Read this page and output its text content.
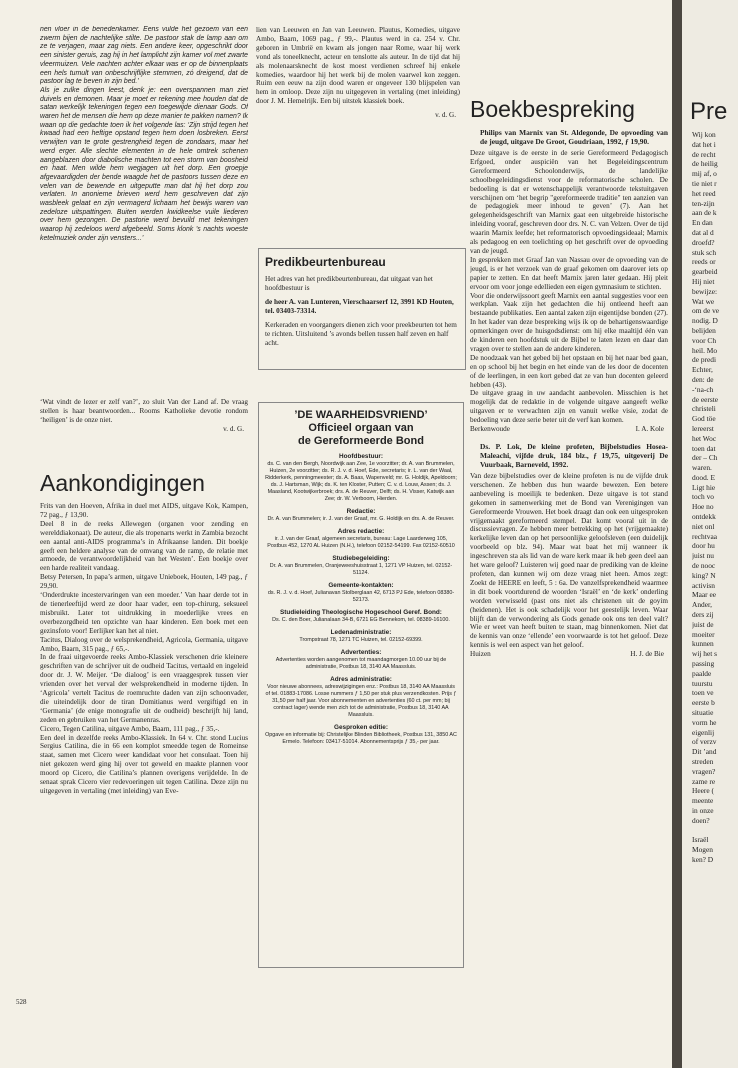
nen vloer in de benedenkamer. Eens vulde het gezoem van een zwerm bijen de nachtelijke stilte. De pastoor stak de lamp aan om ze te verjagen, maar zag niets. Een andere keer, opgeschrikt door een sinister geruis, zag hij in het lamplicht zijn kamer vol met zwarte vleermuizen. Vele nachten achter elkaar was er op de binnenplaats een hels tumult van onbeschrijflijke stemmen, zó dreigend, dat de pastoor lag te beven in zijn bed.’

Als je zulke dingen leest, denk je: een overspannen man ziet duivels en demonen. Maar je moet er rekening mee houden dat de satan werkelijk tekeningen tegen een toegewijde dienaar Gods. Of waren het de mensen die hem op deze manier te pakken namen? Ik waan op die gedachte toen ik het volgende las: ‘Zijn strijd tegen het kwaad had een heftige opstand tegen hem doen losbreken. Eerst verwijten van te grote gestrengheid tegen de zondaars, maar het werd erger. Alle slechte elementen in de hele omtrek schenen aangeblazen door diabolische machten tot een storm van boosheid en haat. Men wilde hem wegjagen uit het dorp. Een groepje afgevaardigden der bende waagde het de pastoors tussen deze en velen van de bewende en uitgeputte man dat hij het dorp zou verlaten. In anonieme brieven werd hem geschreven dat zijn wasbleek gelaat en zijn vermagerd lichaam het bewijs waren van zedeloze uitspattingen. Buiten werden kwidkeelse vuile liederen over hem gezongen. De pastorie werd bevuild met tekeningen waarop hij zedeloos werd afgebeeld. Soms klonk ’s nachts woeste ketelmuziek onder zijn vensters...’

‘Wat vindt de lezer er zelf van?’, zo sluit Van der Land af. De vraag stellen is haar beantwoorden... Rooms Katholieke devotie rondom ‘heiligen’ is de onze niet.

v. d. G.
Aankondigingen

Frits van den Hoeven, Afrika in duel met AIDS, uitgave Kok, Kampen, 72 pag., ƒ 13,90.

Deel 8 in de reeks Allewegen (organen voor zending en werelddiakonaat). De auteur, die als tropenarts werkt in Zambia bezocht een aantal anti-AIDS programma’s in Afrikaanse landen. Dit boekje geeft een heldere analyse van de omvang van de ramp, de relatie met armoede, de verantwoordelijkheid van het Westen’. Een boekje over een harde realiteit vandaag.

Betsy Petersen, In papa’s armen, uitgave Unieboek, Houten, 149 pag., ƒ 29,90.

‘Onderdrukte incestervaringen van een moeder.’ Van haar derde tot in de tienerleeftijd werd ze door haar vader, een top-chirurg, seksueel misbruikt. Later tot uitdrukking in moederlijke vrees en overbezorgdheid ten opzichte van haar kinderen. Een boek met een gezinsfoto voor! Eerlijker kan het al niet.

Tacitus, Dialoog over de welsprekendheid, Agricola, Germania, uitgave Ambo, Baarn, 315 pag., ƒ 65,-.

In de fraai uitgevoerde reeks Ambo-Klassiek verschenen drie kleinere geschriften van de schrijver uit de oudheid Tacitus, vertaald en ingeleid door dr. J. W. Meijer. ‘De dialoog’ is een vraaggesprek tussen vier vrienden over het verval der welsprekendheid in moderne tijden. In ‘Agricola’ vertelt Tacitus de roemruchte daden van zijn schoonvader, die uiteindelijk door de tiran Domitianus werd vergiftigd en in ‘Germania’ (de enige monografie uit de oudheid) beschrijft hij land, zeden en gebruiken van het Germanenras.

Cicero, Tegen Catilina, uitgave Ambo, Baarn, 111 pag., ƒ 35,-.

Een deel in dezelfde reeks Ambo-Klassiek. In 64 v. Chr. stond Lucius Sergius Catilina, die in 66 een komplot smeedde tegen de Romeinse staat, samen met Cicero weer kandidaat voor het consulaat. Toen hij niet gekozen werd ging hij over tot geweld en maakte plannen voor moord op Cicero, die Catilina’s plannen overigens verijdelde. In de senaat sprak Cicero vier redevoeringen uit tegen Catilina. Deze zijn nu uitgegeven in vertaling (met inleiding) van Eve-

528

lien van Leeuwen en Jan van Leeuwen. Plautus, Komedies, uitgave Ambo, Baarn, 1069 pag., ƒ 99,-. Plautus werd in ca. 254 v. Chr. geboren in Umbrië en kwam als jongen naar Rome, waar hij werk vond als toneelknecht, acteur en tenslotte als auteur. In de tijd dat hij als molenaarsknecht de kost moest verdienen schreef hij enkele komedies, waardoor hij het werk bij de molen vaarwel kon zeggen. Ruim een eeuw na zijn dood waren er ongeveer 130 blijspelen van hem in omloop. Deze zijn nu uitgegeven in vertaling (met inleiding) door J. M. Hemelrijk. Een bij uitstek klassiek boek.

v. d. G.
Predikbeurtenbureau
Het adres van het predikbeurtenbureau, dat uitgaat van het hoofdbestuur is
de heer A. van Lunteren, Vierschaarserf 12, 3991 KD Houten, tel. 03403-73314.
Kerkeraden en voorgangers dienen zich voor preekbeurten tot hem te richten. Uitsluitend ’s avonds bellen tussen half zeven en half acht.
’DE WAARHEIDSVRIEND’
Officieel orgaan van
de Gereformeerde Bond
Hoofdbestuur:
ds. C. van den Bergh, Noordwijk aan Zee, 1e voorzitter; dr. A. van Brummelen, Huizen, 2e voorzitter; ds. R. J. v. d. Hoef, Ede, secretaris; ir. L. van der Waal, Ridderkerk, penningmeester; ds. A. Baas, Wapenveld; mr. G. Holdijk, Apeldoorn; ds. J. Hartsman, Wijk; ds. K. ten Kloster, Putten; C. v. d. Louw, Assen; ds. J. Maasland, Kootwijkerbroek; drs. A. de Reuver, Delft; ds. H. Visser, Katwijk aan Zee; dr. W. Verboom, Hierden.
Redactie:
Dr. A. van Brummelen; ir. J. van der Graaf, mr. G. Holdijk en drs. A. de Reuver.
Adres redactie:
ir. J. van der Graaf, algemeen secretaris, bureau: Lage Laarderweg 105, Postbus 452, 1270 AL Huizen (N.H.), telefoon 02152-54199. Fax 02152-60510
Studiebegeleiding:
Dr. A. van Brummelen, Oranjeweeshuisstraat 1, 1271 VP Huizen, tel. 02152-51124.
Gemeente-kontakten:
ds. R. J. v. d. Hoef, Julianavan Stolberglaan 42, 6713 PJ Ede, telefoon 08380-52173.
Studieleiding Theologische Hogeschool Geref. Bond:
Ds. C. den Boer, Julianalaan 34-B, 6721 EG Bennekom, tel. 08389-16100.
Ledenadministratie:
Trompstraat 78, 1271 TC Huizen, tel. 02152-69399.
Advertenties:
Advertenties worden aangenomen tot maandagmorgen 10.00 uur bij de administratie, Postbus 18, 3140 AA Maassluis.
Adres administratie:
Voor nieuwe abonnees, adreswijzigingen enz.: Postbus 18, 3140 AA Maassluis of tel. 01883-17086. Losse nummers ƒ 1,50 per stuk plus verzendkosten. Prijs ƒ 31,50 per half jaar. Voor abonnementen en advertenties (60 ct. per mm; bij contract lager) wende men zich tot de administratie, Postbus 18, 3140 AA Maassluis.
Gesproken editie:
Opgave en informatie bij: Christelijke Blinden Bibliotheek, Postbus 131, 3850 AC Ermelo. Telefoon: 03417-51014. Abonnementsprijs ƒ 35,- per jaar.
Boekbespreking
Philips van Marnix van St. Aldegonde, De opvoeding van de jeugd, uitgave De Groot, Goudriaan, 1992, ƒ 19,90.

Deze uitgave is de eerste in de serie Gereformeerd Pedagogisch Erfgoed, onder auspiciën van het Begeleidingscentrum Gereformeerd Schoolonderwijs, de landelijke schoolbegeleidingsdienst voor de reformatorische scholen. De bedoeling is dat er wetenschappelijk verantwoorde tekstuitgaven verschijnen om ‘het begrip "gereformeerde traditie" ten aanzien van de pedagogiek meer inhoud te geven’ (7). Aan het gelegenheidsgeschrift van Marnix gaat een uitgebreide historische inleiding vooraf, geschreven door drs. N. C. van Velzen. Over de tijd waarin Marnix leefde; het reformatorisch opvoedingsideaal; Marnix als pedagoog en een toelichting op het geschrift over de opvoeding van de jeugd.

In gesprekken met Graaf Jan van Nassau over de opvoeding van de jeugd, is er het verzoek van de graaf gekomen om daarover iets op papier te zetten. En dat heeft Marnix jaren later gedaan. Hij pleit ervoor om voor jonge edellieden een eigen gymnasium te stichten.

Voor die onderwijssoort geeft Marnix een aantal suggesties voor een werkplan. Vaak zijn het gedachten die hij ontleend heeft aan bestaande publikaties. Een aantal zaken zijn eigentijdse bonden (27).

In het kader van deze bespreking wijs ik op de behartigenswaardige opmerkingen over de huisgodsdienst: om hij elke maaltijd één van de kinderen een hoofdstuk uit de Bijbel te laten lezen en daar dan vragen over te stellen aan de andere kinderen.

De noodzaak van het gebed bij het opstaan en bij het naar bed gaan, en op school bij het begin en het einde van de les door de docenten of de leerlingen, in een kort gebed dat ze van hun docenten geleerd hebben (43).

De uitgave graag in uw aandacht aanbevolen. Misschien is het mogelijk dat de redaktie in de volgende uitgave aangeeft welke uitgaven er te verwachten zijn en vanuit welke visie, zodat de bedoeling van deze serie beter uit de verf kan komen.

Berkenwoude	I. A. Kole
Ds. P. Lok, De kleine profeten, Bijbelstudies Hosea-Maleachi, vijfde druk, 184 blz., ƒ 19,75, uitgeverij De Vuurbaak, Barneveld, 1992.

Van deze bijbelstudies over de kleine profeten is nu de vijfde druk verschenen. Ze hebben dus hun waarde bewezen. Een betere aanbeveling is moeilijk te bedenken. Deze uitgave is tot stand gekomen in samenwerking met de Bond van Verenigingen van Gereformeerde Vrouwen. Het boek draagt dan ook een uitgesproken vrijgemaakt gereformeerd stempel. Dat komt vooral uit in de discussievragen. Ze hebben meer betrekking op het (vrijgemaakte) kerkelijke leven dan op het persoonlijke geloofsleven (een duidelijk voorbeeld op blz. 94). Maar wat baat het mij wanneer ik ingeschreven sta als lid van de ware kerk maar ik heb geen deel aan het ware geloof? Luisteren wij goed naar de prediking van de kleine profeten, dan kunnen wij om deze vraag niet heen. Amos zegt: Zoekt de HEERE en leeft, 5 : 6a. De vanzelfsprekendheid waarmee in dit boek voortdurend de woorden ‘Israël’ en ‘de kerk’ onderling worden verwisseld (past ons niet als christenen uit de goyim (heidenen). Het is ook schadelijk voor het geestelijk leven. Waar blijft dan de verwondering als Gods genade ook ons ten deel valt? Wie er weet van heeft buiten te staan, mag binnenkomen. Niet dat de kennis van onze ‘ellende’ een voorwaarde is tot het geloof. Deze kennis is wel een aspect van het geloof.

Huizen	H. J. de Bie
Pre
Wij kon
dat het i
de recht
de heilig
mij af, o
tie niet r
het reed
ten-zijn
aan de k
En dan
dat al d
droefd?
stuk sch
reeds or
gearbeid
Hij niet
bewijze:
Wat we
om de ve
nodig. D
belijden
voor Ch
heil. Mo
de predi
Echter,
den: de
-‘na-ch
de eerste
christeli
God töe
lereerst
het Woc
toen dat
der – Ch
waren.
dood. E
Ligt hie
toch vo
Hoe no
ontdekk
niet onl
rechtvaa
door hu
juist nu
de nooc
king? N
activisn
Maar ee
Ander,
ders zij
juist de
moeiter
kunnen
wij het s
passing
paalde
tuurstu
toen ve
eerste b
situatie
vorm he
eigenlij
of verzv
Dit ’and
streden
vragen?
zame re
Heere (
meente
in onze
doen?
Israël
Mogen
ken? D
